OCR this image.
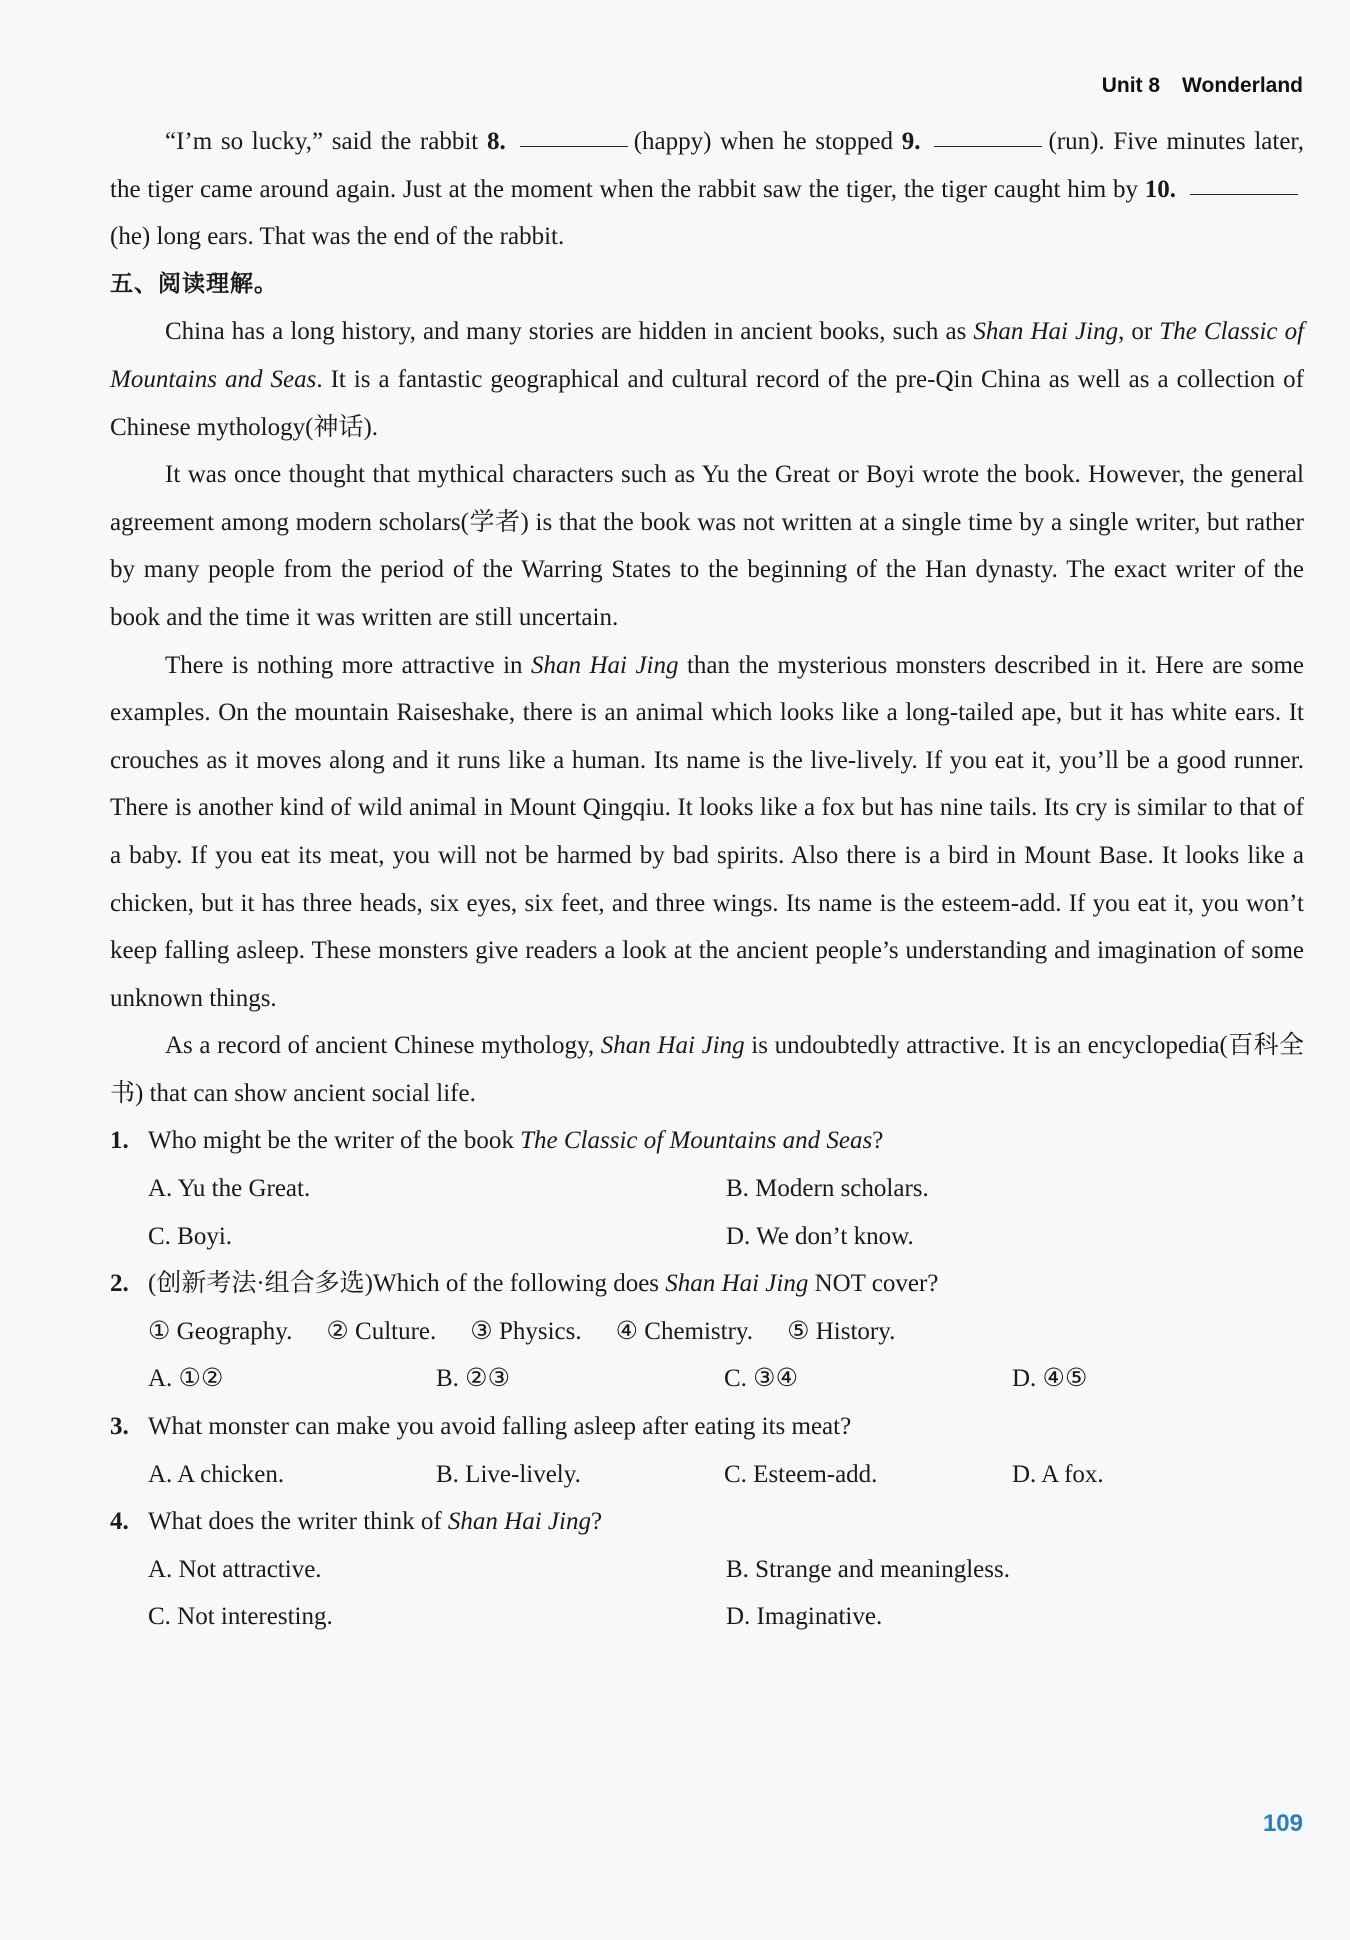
Unit 8 Wonderland

“I’m so lucky,” said the rabbit 8.	(happy) when he stopped 9.	(run). Five minutes later, the tiger came around again. Just at the moment when the rabbit saw the tiger, the tiger caught him by 10.(he) long ears. That was the end of the rabbit.

五、阅读理解。

China has a long history, and many stories are hidden in ancient books, such as Shan Hai Jing, or The Classic of Mountains and Seas. It is a fantastic geographical and cultural record of the pre-Qin China as well as a collection of Chinese mythology(神话).

It was once thought that mythical characters such as Yu the Great or Boyi wrote the book. However, the general agreement among modern scholars(学者) is that the book was not written at a single time by a single writer, but rather by many people from the period of the Warring States to the beginning of the Han dynasty. The exact writer of the book and the time it was written are still uncertain.

There is nothing more attractive in Shan Hai Jing than the mysterious monsters described in it. Here are some examples. On the mountain Raiseshake, there is an animal which looks like a long-tailed ape, but it has white ears. It crouches as it moves along and it runs like a human. Its name is the live-lively. If you eat it, you’ll be a good runner. There is another kind of wild animal in Mount Qingqiu. It looks like a fox but has nine tails. Its cry is similar to that of a baby. If you eat its meat, you will not be harmed by bad spirits. Also there is a bird in Mount Base. It looks like a chicken, but it has three heads, six eyes, six feet, and three wings. Its name is the esteem-add. If you eat it, you won’t keep falling asleep. These monsters give readers a look at the ancient people’s understanding and imagination of some unknown things.

As a record of ancient Chinese mythology, Shan Hai Jing is undoubtedly attractive. It is an encyclopedia(百科全书) that can show ancient social life.

1. Who might be the writer of the book The Classic of Mountains and Seas?

A. Yu the Great.	B. Modern scholars.
C. Boyi.	D. We don’t know.

2. (创新考法·组合多选)Which of the following does Shan Hai Jing NOT cover?

① Geography. ② Culture. ③ Physics. ④ Chemistry. ⑤ History.
A. ①②	B. ②③	C. ③④	D. ④⑤

3. What monster can make you avoid falling asleep after eating its meat?

A. A chicken.	B. Live-lively.	C. Esteem-add.	D. A fox.

4. What does the writer think of Shan Hai Jing?

A. Not attractive.	B. Strange and meaningless.
C. Not interesting.	D. Imaginative.
109
